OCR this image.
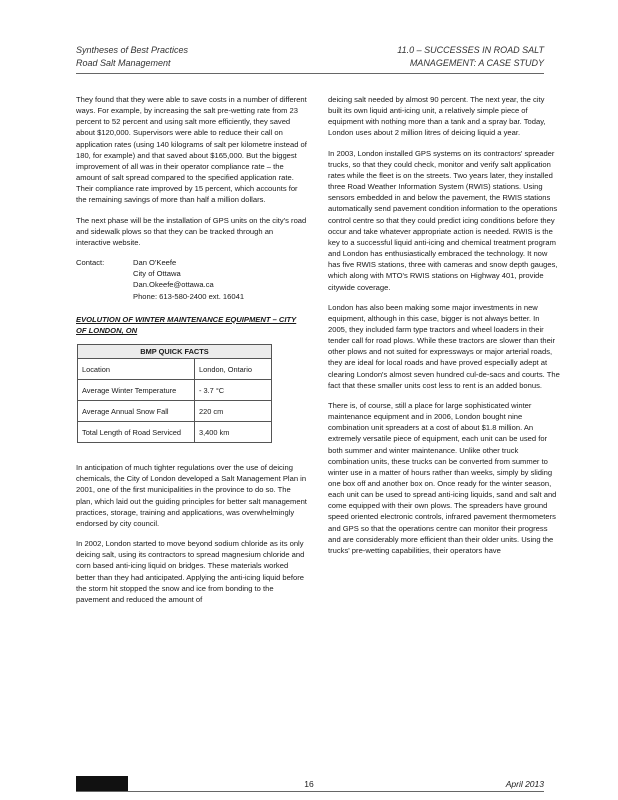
Syntheses of Best Practices
Road Salt Management
11.0 – SUCCESSES IN ROAD SALT
MANAGEMENT: A CASE STUDY

They found that they were able to save costs in a number of different ways. For example, by increasing the salt pre-wetting rate from 23 percent to 52 percent and using salt more efficiently, they saved about $120,000. Supervisors were able to reduce their call on application rates (using 140 kilograms of salt per kilometre instead of 180, for example) and that saved about $165,000. But the biggest improvement of all was in their operator compliance rate – the amount of salt spread compared to the specified application rate. Their compliance rate improved by 15 percent, which accounts for the remaining savings of more than half a million dollars.

The next phase will be the installation of GPS units on the city's road and sidewalk plows so that they can be tracked through an interactive website.

Contact:	Dan O'Keefe
City of Ottawa
Dan.Okeefe@ottawa.ca
Phone: 613-580-2400 ext. 16041
EVOLUTION OF WINTER MAINTENANCE EQUIPMENT – CITY OF LONDON, ON
BMP QUICK FACTS	
Location	London, Ontario
Average Winter Temperature	- 3.7 °C
Average Annual Snow Fall	220 cm
Total Length of Road Serviced	3,400 km

In anticipation of much tighter regulations over the use of deicing chemicals, the City of London developed a Salt Management Plan in 2001, one of the first municipalities in the province to do so. The plan, which laid out the guiding principles for better salt management practices, storage, training and applications, was overwhelmingly endorsed by city council.

In 2002, London started to move beyond sodium chloride as its only deicing salt, using its contractors to spread magnesium chloride and corn based anti-icing liquid on bridges. These materials worked better than they had anticipated. Applying the anti-icing liquid before the storm hit stopped the snow and ice from bonding to the pavement and reduced the amount of

deicing salt needed by almost 90 percent. The next year, the city built its own liquid anti-icing unit, a relatively simple piece of equipment with nothing more than a tank and a spray bar. Today, London uses about 2 million litres of deicing liquid a year.

In 2003, London installed GPS systems on its contractors' spreader trucks, so that they could check, monitor and verify salt application rates while the fleet is on the streets. Two years later, they installed three Road Weather Information System (RWIS) stations. Using sensors embedded in and below the pavement, the RWIS stations automatically send pavement condition information to the operations control centre so that they could predict icing conditions before they occur and take whatever appropriate action is needed. RWIS is the key to a successful liquid anti-icing and chemical treatment program and London has enthusiastically embraced the technology. It now has five RWIS stations, three with cameras and snow depth gauges, which along with MTO's RWIS stations on Highway 401, provide citywide coverage.

London has also been making some major investments in new equipment, although in this case, bigger is not always better. In 2005, they included farm type tractors and wheel loaders in their tender call for road plows. While these tractors are slower than their other plows and not suited for expressways or major arterial roads, they are ideal for local roads and have proved especially adept at clearing London's almost seven hundred cul-de-sacs and courts. The fact that these smaller units cost less to rent is an added bonus.

There is, of course, still a place for large sophisticated winter maintenance equipment and in 2006, London bought nine combination unit spreaders at a cost of about $1.8 million. An extremely versatile piece of equipment, each unit can be used for both summer and winter maintenance. Unlike other truck combination units, these trucks can be converted from summer to winter use in a matter of hours rather than weeks, simply by sliding one box off and another box on. Once ready for the winter season, each unit can be used to spread anti-icing liquids, sand and salt and come equipped with their own plows. The spreaders have ground speed oriented electronic controls, infrared pavement thermometers and GPS so that the operations centre can monitor their progress and are considerably more efficient than their older units. Using the trucks' pre-wetting capabilities, their operators have

16	April 2013
